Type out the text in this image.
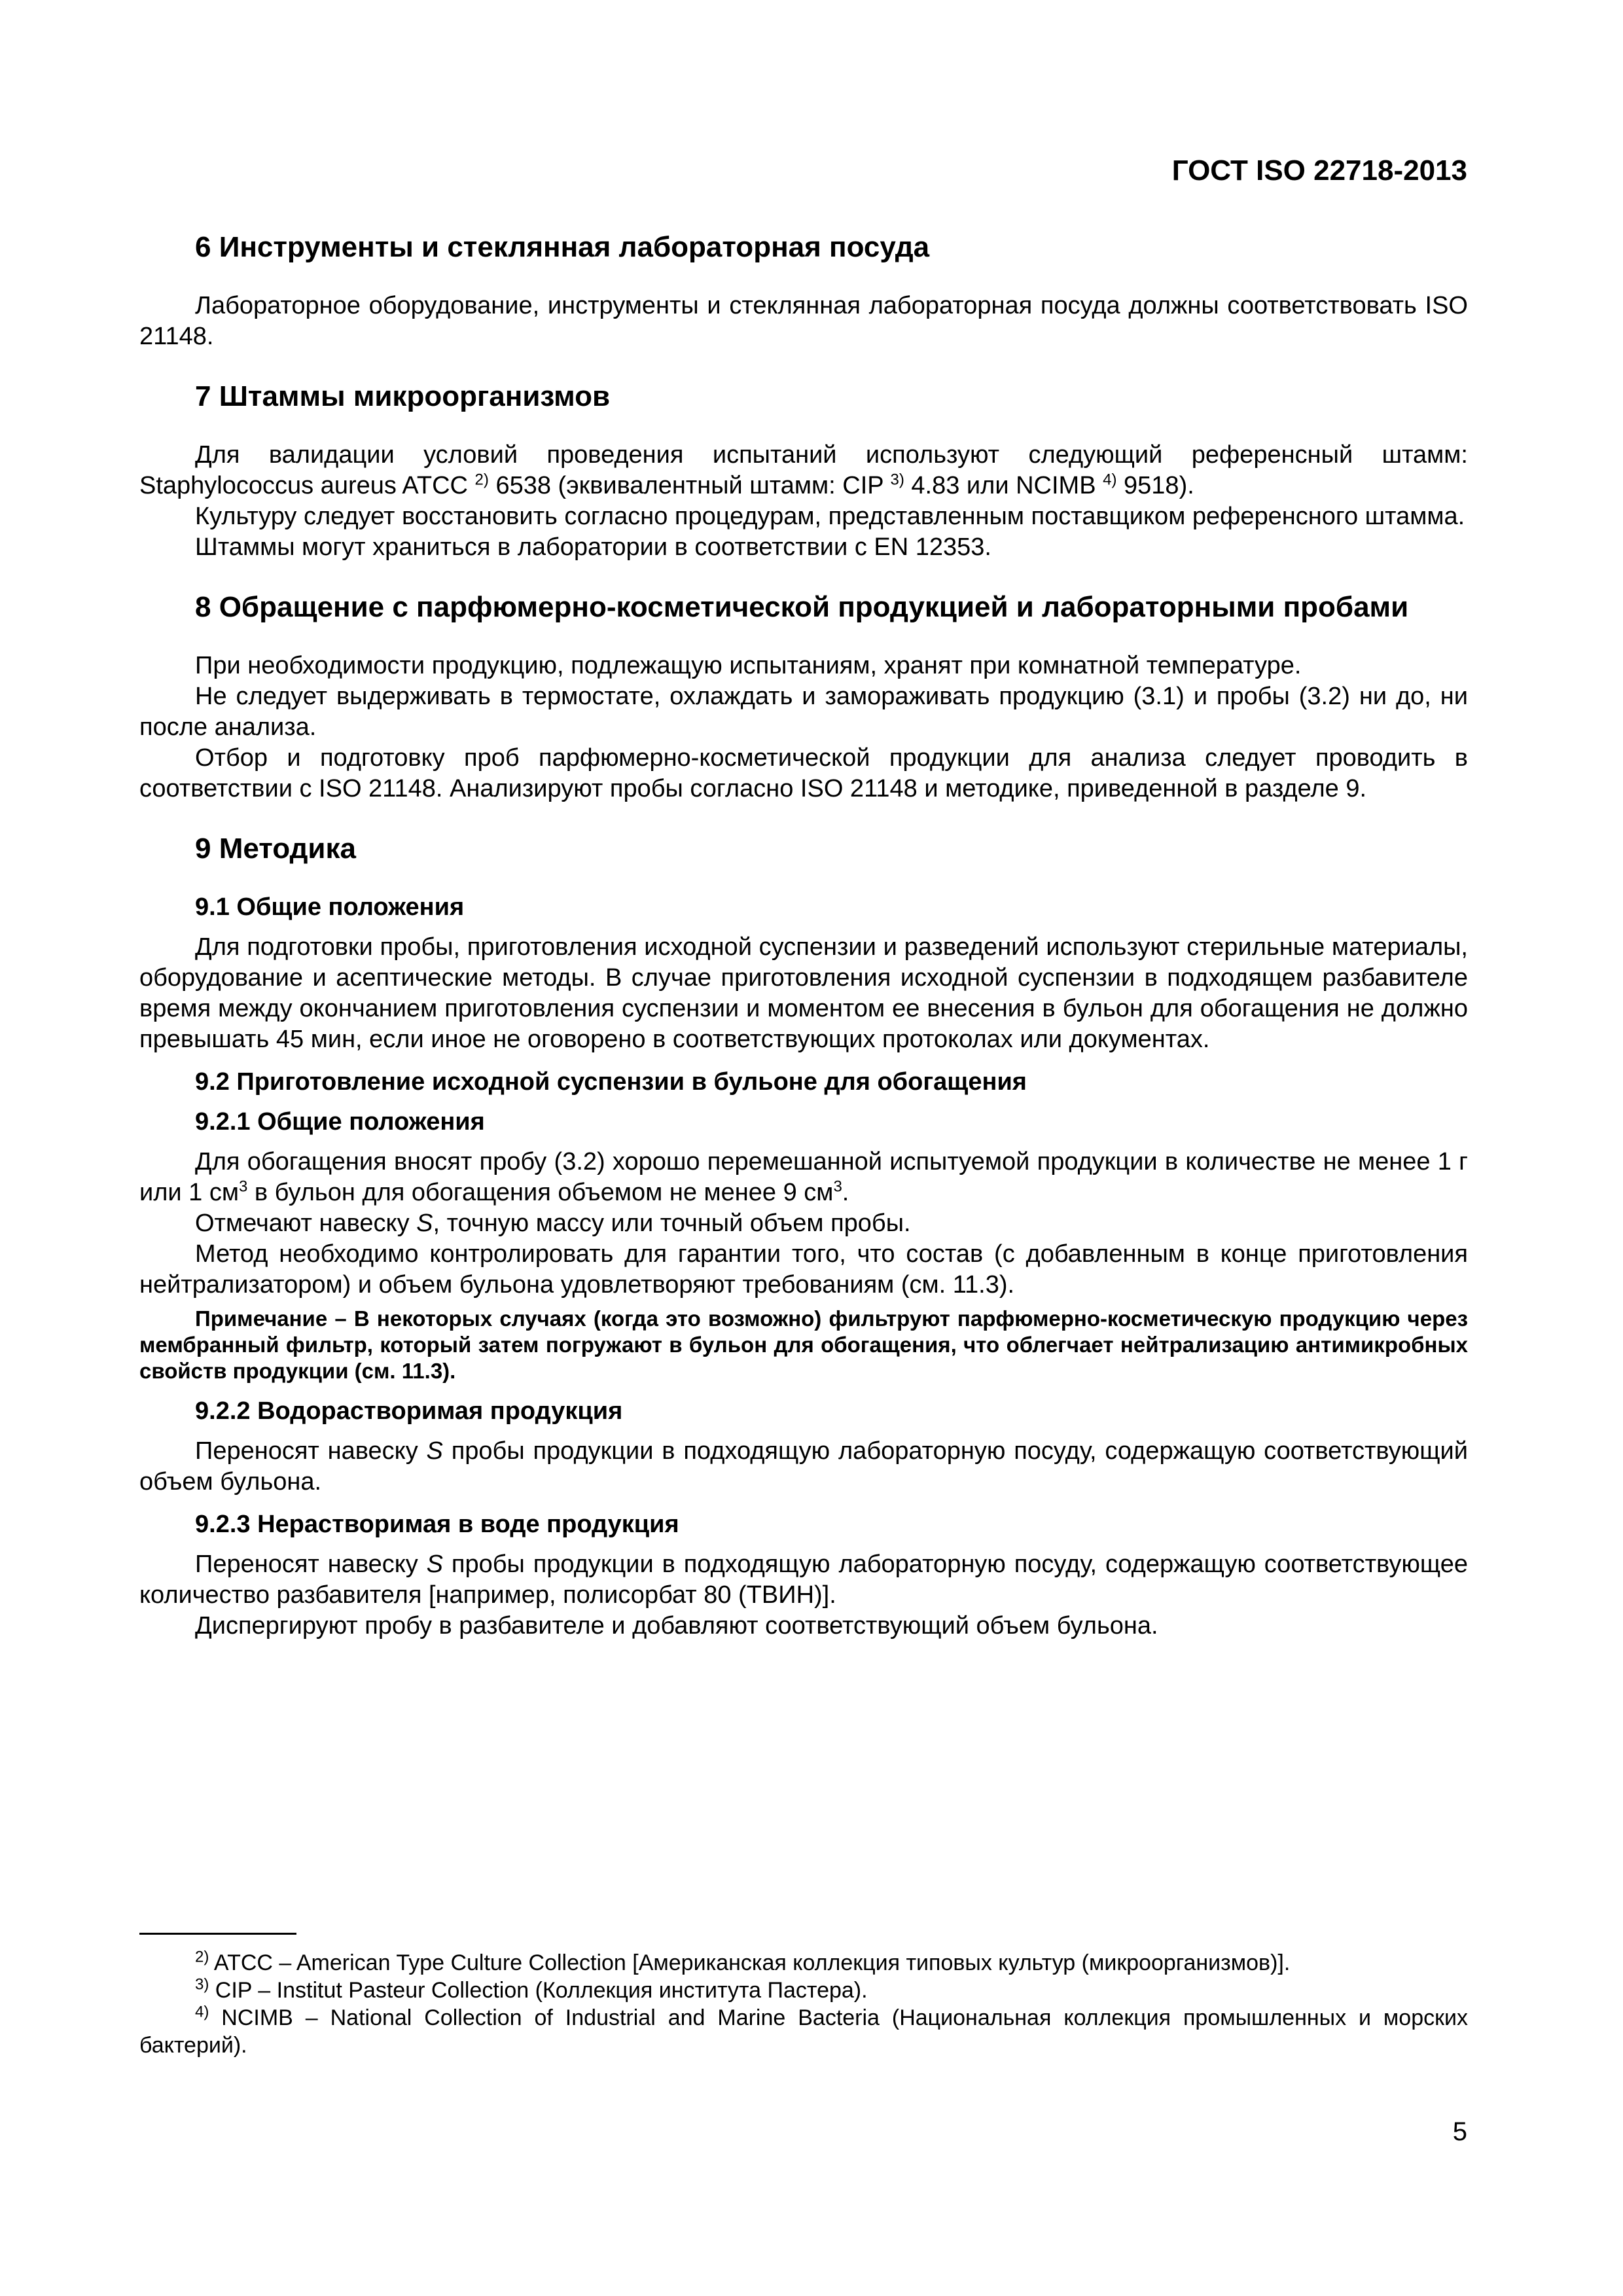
ГОСТ ISO 22718-2013
6 Инструменты и стеклянная лабораторная посуда

Лабораторное оборудование, инструменты и стеклянная лабораторная посуда должны соответствовать ISO 21148.

7 Штаммы микроорганизмов

Для валидации условий проведения испытаний используют следующий референсный штамм: Staphylococcus aureus ATCC $^{2)}$ 6538 (эквивалентный штамм: CIP $^{3)}$ 4.83 или NCIMB $^{4)}$ 9518).

Культуру следует восстановить согласно процедурам, представленным поставщиком референсного штамма.

Штаммы могут храниться в лаборатории в соответствии с EN 12353.

8 Обращение с парфюмерно-косметической продукцией и лабораторными пробами

При необходимости продукцию, подлежащую испытаниям, хранят при комнатной температуре.

Не следует выдерживать в термостате, охлаждать и замораживать продукцию (3.1) и пробы (3.2) ни до, ни после анализа.

Отбор и подготовку проб парфюмерно-косметической продукции для анализа следует проводить в соответствии с ISO 21148. Анализируют пробы согласно ISO 21148 и методике, приведенной в разделе 9.

9 Методика
9.1 Общие положения

Для подготовки пробы, приготовления исходной суспензии и разведений используют стерильные материалы, оборудование и асептические методы. В случае приготовления исходной суспензии в подходящем разбавителе время между окончанием приготовления суспензии и моментом ее внесения в бульон для обогащения не должно превышать 45 мин, если иное не оговорено в соответствующих протоколах или документах.

9.2 Приготовление исходной суспензии в бульоне для обогащения
9.2.1 Общие положения

Для обогащения вносят пробу (3.2) хорошо перемешанной испытуемой продукции в количестве не менее 1 г или 1 $см^3$ в бульон для обогащения объемом не менее 9 $см^3$.

Отмечают навеску S, точную массу или точный объем пробы.

Метод необходимо контролировать для гарантии того, что состав (с добавленным в конце приготовления нейтрализатором) и объем бульона удовлетворяют требованиям (см. 11.3).

Примечание – В некоторых случаях (когда это возможно) фильтруют парфюмерно-косметическую продукцию через мембранный фильтр, который затем погружают в бульон для обогащения, что облегчает нейтрализацию антимикробных свойств продукции (см. 11.3).
9.2.2 Водорастворимая продукция

Переносят навеску S пробы продукции в подходящую лабораторную посуду, содержащую соответствующий объем бульона.

9.2.3 Нерастворимая в воде продукция

Переносят навеску S пробы продукции в подходящую лабораторную посуду, содержащую соответствующее количество разбавителя [например, полисорбат 80 (ТВИН)].

Диспергируют пробу в разбавителе и добавляют соответствующий объем бульона.

$^{2)}$ ATCC – American Type Culture Collection [Американская коллекция типовых культур (микроорганизмов)].

$^{3)}$ CIP – Institut Pasteur Collection (Коллекция института Пастера).

$^{4)}$ NCIMB – National Collection of Industrial and Marine Bacteria (Национальная коллекция промышленных и морских бактерий).

5
